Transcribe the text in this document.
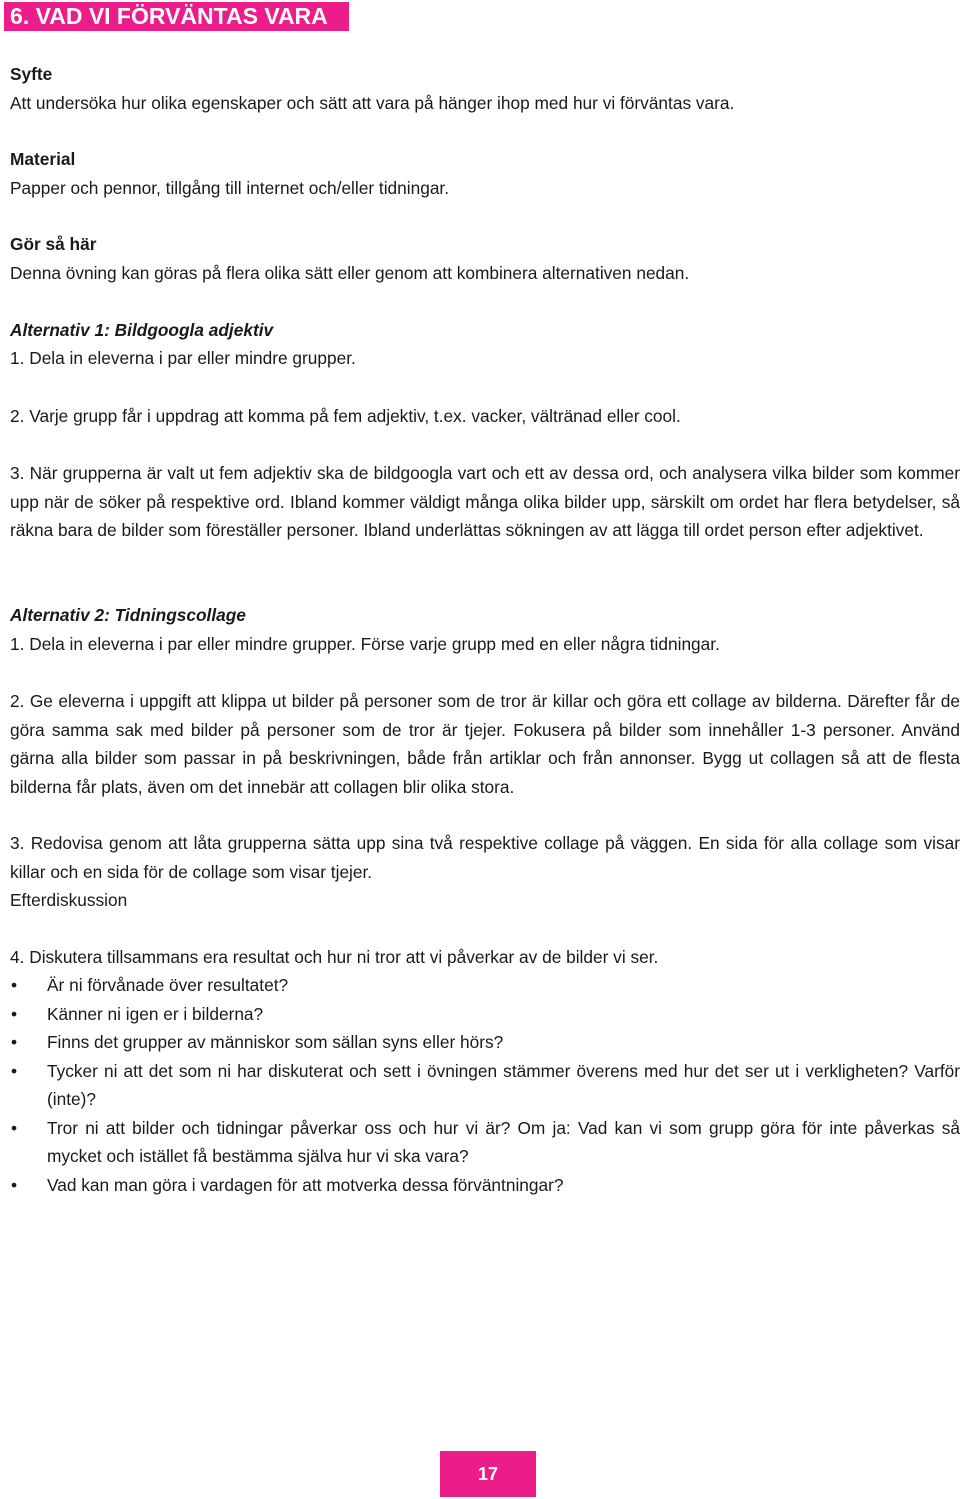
6. VAD VI FÖRVÄNTAS VARA
Syfte
Att undersöka hur olika egenskaper och sätt att vara på hänger ihop med hur vi förväntas vara.
Material
Papper och pennor, tillgång till internet och/eller tidningar.
Gör så här
Denna övning kan göras på flera olika sätt eller genom att kombinera alternativen nedan.
Alternativ 1: Bildgoogla adjektiv
1. Dela in eleverna i par eller mindre grupper.
2. Varje grupp får i uppdrag att komma på fem adjektiv, t.ex. vacker, vältränad eller cool.
3. När grupperna är valt ut fem adjektiv ska de bildgoogla vart och ett av dessa ord, och analysera vilka bilder som kommer upp när de söker på respektive ord. Ibland kommer väldigt många olika bilder upp, särskilt om ordet har flera betydelser, så räkna bara de bilder som föreställer personer. Ibland underlättas sökningen av att lägga till ordet person efter adjektivet.
Alternativ 2: Tidningscollage
1. Dela in eleverna i par eller mindre grupper. Förse varje grupp med en eller några tidningar.
2. Ge eleverna i uppgift att klippa ut bilder på personer som de tror är killar och göra ett collage av bilderna. Därefter får de göra samma sak med bilder på personer som de tror är tjejer. Fokusera på bilder som innehåller 1-3 personer. Använd gärna alla bilder som passar in på beskrivningen, både från artiklar och från annonser. Bygg ut collagen så att de flesta bilderna får plats, även om det innebär att collagen blir olika stora.
3. Redovisa genom att låta grupperna sätta upp sina två respektive collage på väggen. En sida för alla collage som visar killar och en sida för de collage som visar tjejer.
Efterdiskussion
4. Diskutera tillsammans era resultat och hur ni tror att vi påverkar av de bilder vi ser.
• Är ni förvånade över resultatet?
• Känner ni igen er i bilderna?
• Finns det grupper av människor som sällan syns eller hörs?
• Tycker ni att det som ni har diskuterat och sett i övningen stämmer överens med hur det ser ut i verkligheten? Varför (inte)?
• Tror ni att bilder och tidningar påverkar oss och hur vi är? Om ja: Vad kan vi som grupp göra för inte påverkas så mycket och istället få bestämma själva hur vi ska vara?
• Vad kan man göra i vardagen för att motverka dessa förväntningar?
17
